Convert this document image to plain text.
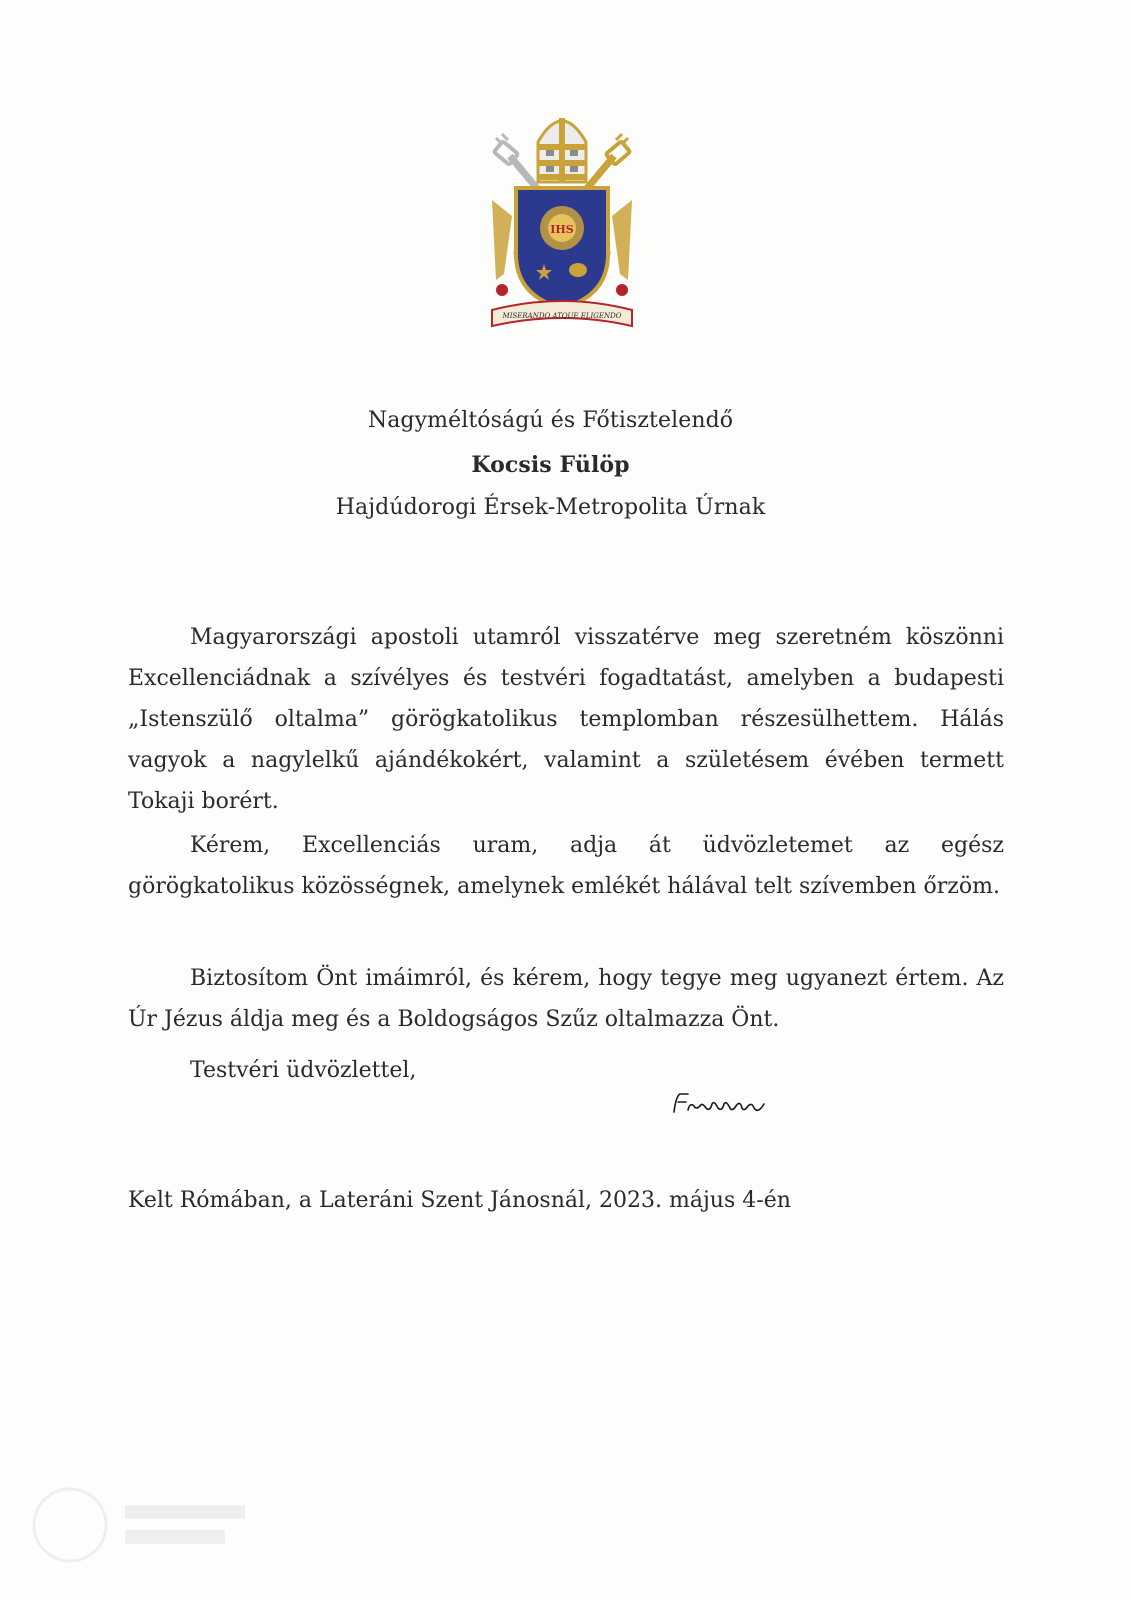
IHS
MISERANDO ATQUE ELIGENDO
Nagyméltóságú és Főtisztelendő
Kocsis Fülöp
Hajdúdorogi Érsek-Metropolita Úrnak

Magyarországi apostoli utamról visszatérve meg szeretném köszönni Excellenciádnak a szívélyes és testvéri fogadtatást, amelyben a budapesti „Istenszülő oltalma” görögkatolikus templomban részesülhettem. Hálás vagyok a nagylelkű ajándékokért, valamint a születésem évében termett Tokaji borért.

Kérem, Excellenciás uram, adja át üdvözletemet az egész görögkatolikus közösségnek, amelynek emlékét hálával telt szívemben őrzöm.

Biztosítom Önt imáimról, és kérem, hogy tegye meg ugyanezt értem. Az Úr Jézus áldja meg és a Boldogságos Szűz oltalmazza Önt.

Testvéri üdvözlettel,
Kelt Rómában, a Lateráni Szent Jánosnál, 2023. május 4-én
